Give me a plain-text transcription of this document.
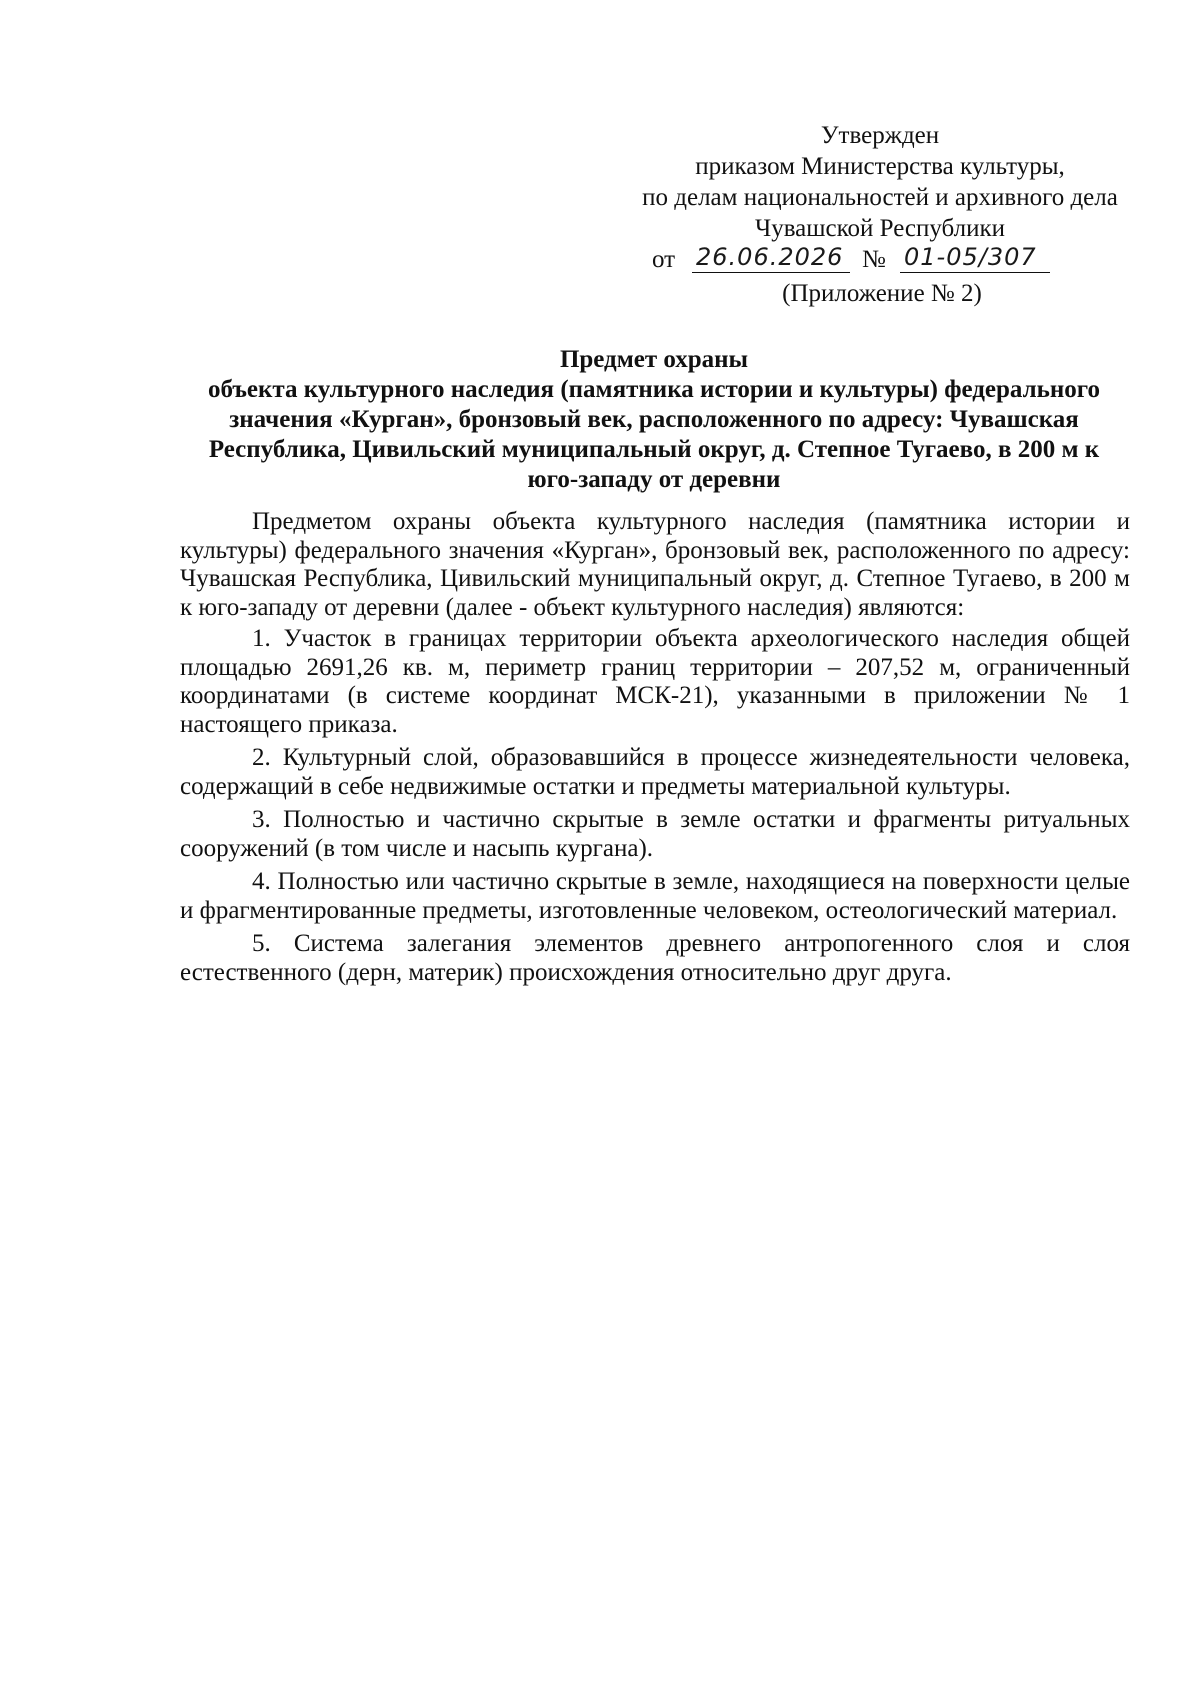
Утвержден
приказом Министерства культуры,
по делам национальностей и архивного дела
Чувашской Республики
от 26.06.2026 № 01-05/307
(Приложение № 2)
Предмет охраны
объекта культурного наследия (памятника истории и культуры) федерального
значения «Курган», бронзовый век, расположенного по адресу: Чувашская
Республика, Цивильский муниципальный округ, д. Степное Тугаево, в 200 м к
юго-западу от деревни

Предметом охраны объекта культурного наследия (памятника истории и культуры) федерального значения «Курган», бронзовый век, расположенного по адресу: Чувашская Республика, Цивильский муниципальный округ, д. Степное Тугаево, в 200 м к юго-западу от деревни (далее - объект культурного наследия) являются:

1. Участок в границах территории объекта археологического наследия общей площадью 2691,26 кв. м, периметр границ территории – 207,52 м, ограниченный координатами (в системе координат МСК-21), указанными в приложении № 1 настоящего приказа.

2. Культурный слой, образовавшийся в процессе жизнедеятельности человека, содержащий в себе недвижимые остатки и предметы материальной культуры.

3. Полностью и частично скрытые в земле остатки и фрагменты ритуальных сооружений (в том числе и насыпь кургана).

4. Полностью или частично скрытые в земле, находящиеся на поверхности целые и фрагментированные предметы, изготовленные человеком, остеологический материал.

5. Система залегания элементов древнего антропогенного слоя и слоя естественного (дерн, материк) происхождения относительно друг друга.
